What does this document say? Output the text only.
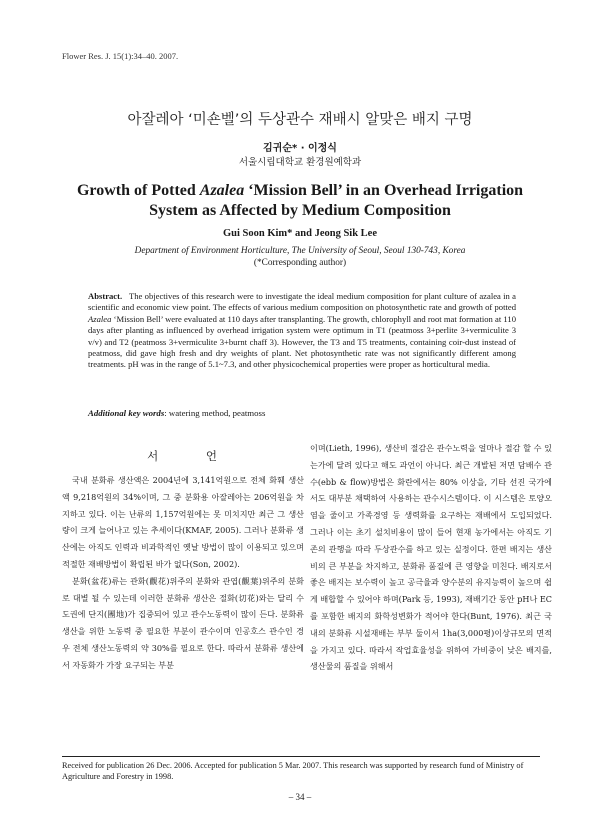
Flower Res. J. 15(1):34–40. 2007.
아잘레아 ‘미숀벨’의 두상관수 재배시 알맞은 배지 구명
김귀순* · 이정식
서울시립대학교 환경원예학과
Growth of Potted Azalea ‘Mission Bell’ in an Overhead Irrigation
System as Affected by Medium Composition
Gui Soon Kim* and Jeong Sik Lee
Department of Environment Horticulture, The University of Seoul, Seoul 130-743, Korea
(*Corresponding author)
Abstract. The objectives of this research were to investigate the ideal medium composition for plant culture of azalea in a scientific and economic view point. The effects of various medium composition on photosynthetic rate and growth of potted Azalea ‘Mission Bell’ were evaluated at 110 days after transplanting. The growth, chlorophyll and root mat formation at 110 days after planting as influenced by overhead irrigation system were optimum in T1 (peatmoss 3+perlite 3+vermiculite 3 v/v) and T2 (peatmoss 3+vermiculite 3+burnt chaff 3). However, the T3 and T5 treatments, containing coir-dust instead of peatmoss, did gave high fresh and dry weights of plant. Net photosynthetic rate was not significantly different among treatments. pH was in the range of 5.1~7.3, and other physicochemical properties were proper as horticultural media.
Additional key words: watering method, peatmoss
서 언

국내 분화류 생산액은 2004년에 3,141억원으로 전체 화훼 생산액 9,218억원의 34%이며, 그 중 분화용 아잘레아는 206억원을 차지하고 있다. 이는 난류의 1,157억원에는 못 미치지만 최근 그 생산량이 크게 늘어나고 있는 추세이다(KMAF, 2005). 그러나 분화류 생산에는 아직도 인력과 비과학적인 옛날 방법이 많이 이용되고 있으며 적절한 재배방법이 확립된 바가 없다(Son, 2002).

분화(盆花)류는 관화(觀花)위주의 분화와 관엽(觀葉)위주의 분화로 대별 될 수 있는데 이러한 분화류 생산은 절화(切花)와는 달리 수도권에 단지(團地)가 집중되어 있고 관수노동력이 많이 든다. 분화류 생산을 위한 노동력 중 필요한 부분이 관수이며 인공호스 관수인 경우 전체 생산노동력의 약 30%를 필요로 한다. 따라서 분화류 생산에서 자동화가 가장 요구되는 부분

이며(Lieth, 1996), 생산비 절감은 관수노력을 얼마나 절감 할 수 있는가에 달려 있다고 해도 과언이 아니다. 최근 개발된 저면 담배수 관수(ebb & flow)방법은 화란에서는 80% 이상을, 기타 선진 국가에서도 대부분 채택하여 사용하는 관수시스템이다. 이 시스템은 토양오염을 줄이고 가족경영 등 생력화를 요구하는 재배에서 도입되었다. 그러나 이는 초기 설치비용이 많이 들어 현재 농가에서는 아직도 기존의 관행을 따라 두상관수를 하고 있는 실정이다. 한편 배지는 생산비의 큰 부분을 차지하고, 분화류 품질에 큰 영향을 미친다. 배지로서 좋은 배지는 보수력이 높고 공극율과 양수분의 유지능력이 높으며 쉽게 배합할 수 있어야 하며(Park 등, 1993), 재배기간 동안 pH나 EC를 포함한 배지의 화학성변화가 적어야 한다(Bunt, 1976). 최근 국내의 분화류 시설재배는 부부 둘이서 1ha(3,000평)이상규모의 면적을 가지고 있다. 따라서 작업효율성을 위하여 가비중이 낮은 배지를, 생산물의 품질을 위해서

Received for publication 26 Dec. 2006. Accepted for publication 5 Mar. 2007. This research was supported by research fund of Ministry of Agriculture and Forestry in 1998.
– 34 –
